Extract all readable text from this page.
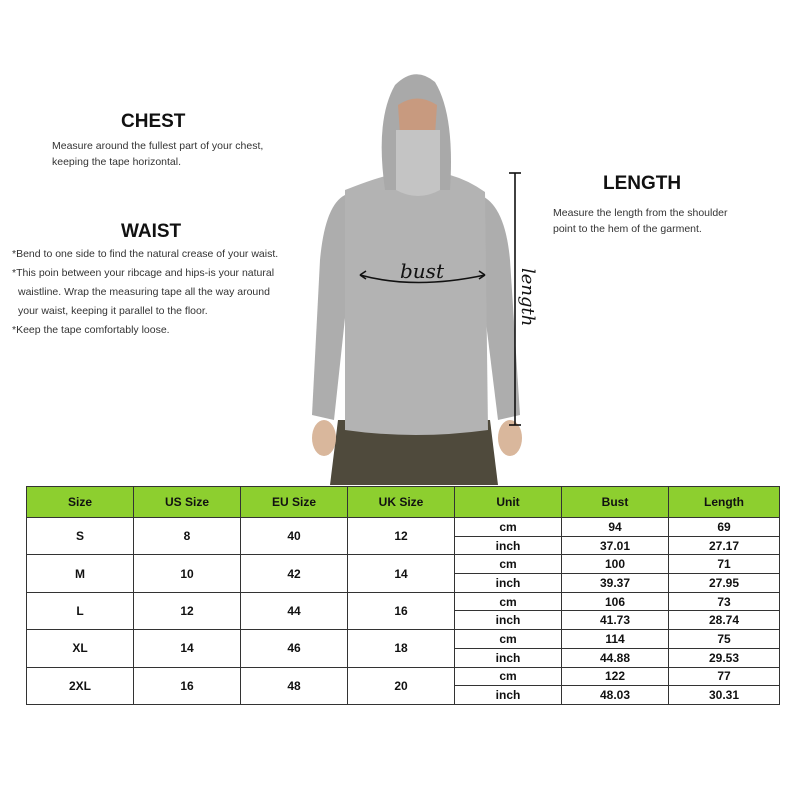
CHEST

Measure around the fullest part of your chest,

keeping the tape horizontal.

WAIST

*Bend to one side to find the natural crease of your waist.

*This poin between your ribcage and hips-is your natural

waistline. Wrap the measuring tape all the way around

your waist, keeping it parallel to the floor.

*Keep the tape comfortably loose.

LENGTH

Measure the length from the shoulder

point to the hem of the garment.

bust	length
Size	US Size	EU Size	UK Size	Unit	Bust	Length
S	8	40	12	cm	94	69
				inch	37.01	27.17
M	10	42	14	cm	100	71
				inch	39.37	27.95
L	12	44	16	cm	106	73
				inch	41.73	28.74
XL	14	46	18	cm	114	75
				inch	44.88	29.53
2XL	16	48	20	cm	122	77
				inch	48.03	30.31
